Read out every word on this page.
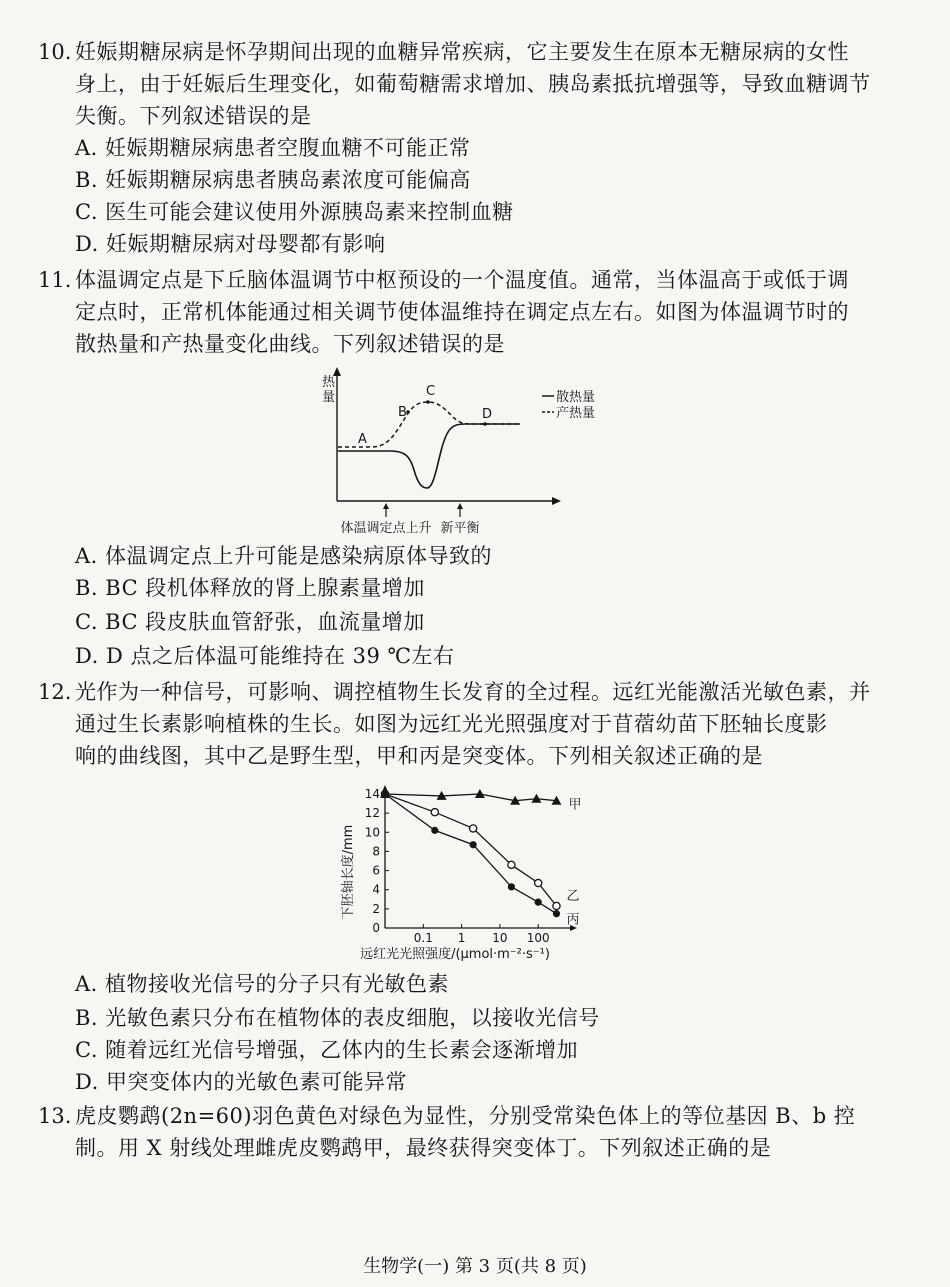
10. 妊娠期糖尿病是怀孕期间出现的血糖异常疾病，它主要发生在原本无糖尿病的女性
身上，由于妊娠后生理变化，如葡萄糖需求增加、胰岛素抵抗增强等，导致血糖调节
失衡。下列叙述错误的是
A. 妊娠期糖尿病患者空腹血糖不可能正常
B. 妊娠期糖尿病患者胰岛素浓度可能偏高
C. 医生可能会建议使用外源胰岛素来控制血糖
D. 妊娠期糖尿病对母婴都有影响
11. 体温调定点是下丘脑体温调节中枢预设的一个温度值。通常，当体温高于或低于调
定点时，正常机体能通过相关调节使体温维持在调定点左右。如图为体温调节时的
散热量和产热量变化曲线。下列叙述错误的是
热
量
A
B
C
D
散热量
产热量
体温调定点上升 新平衡
A. 体温调定点上升可能是感染病原体导致的
B. BC 段机体释放的肾上腺素量增加
C. BC 段皮肤血管舒张，血流量增加
D. D 点之后体温可能维持在 39 ℃左右
12. 光作为一种信号，可影响、调控植物生长发育的全过程。远红光能激活光敏色素，并
通过生长素影响植株的生长。如图为远红光光照强度对于苜蓿幼苗下胚轴长度影
响的曲线图，其中乙是野生型，甲和丙是突变体。下列相关叙述正确的是
下胚轴长度/mm
远红光光照强度/(μmol·m⁻²·s⁻¹)
0
2
4
6
8
10
12
14
0.1 1 10 100
甲
乙
丙
A. 植物接收光信号的分子只有光敏色素
B. 光敏色素只分布在植物体的表皮细胞，以接收光信号
C. 随着远红光信号增强，乙体内的生长素会逐渐增加
D. 甲突变体内的光敏色素可能异常
13. 虎皮鹦鹉(2n=60)羽色黄色对绿色为显性，分别受常染色体上的等位基因 B、b 控
制。用 X 射线处理雌虎皮鹦鹉甲，最终获得突变体丁。下列叙述正确的是
生物学(一) 第 3 页(共 8 页)
